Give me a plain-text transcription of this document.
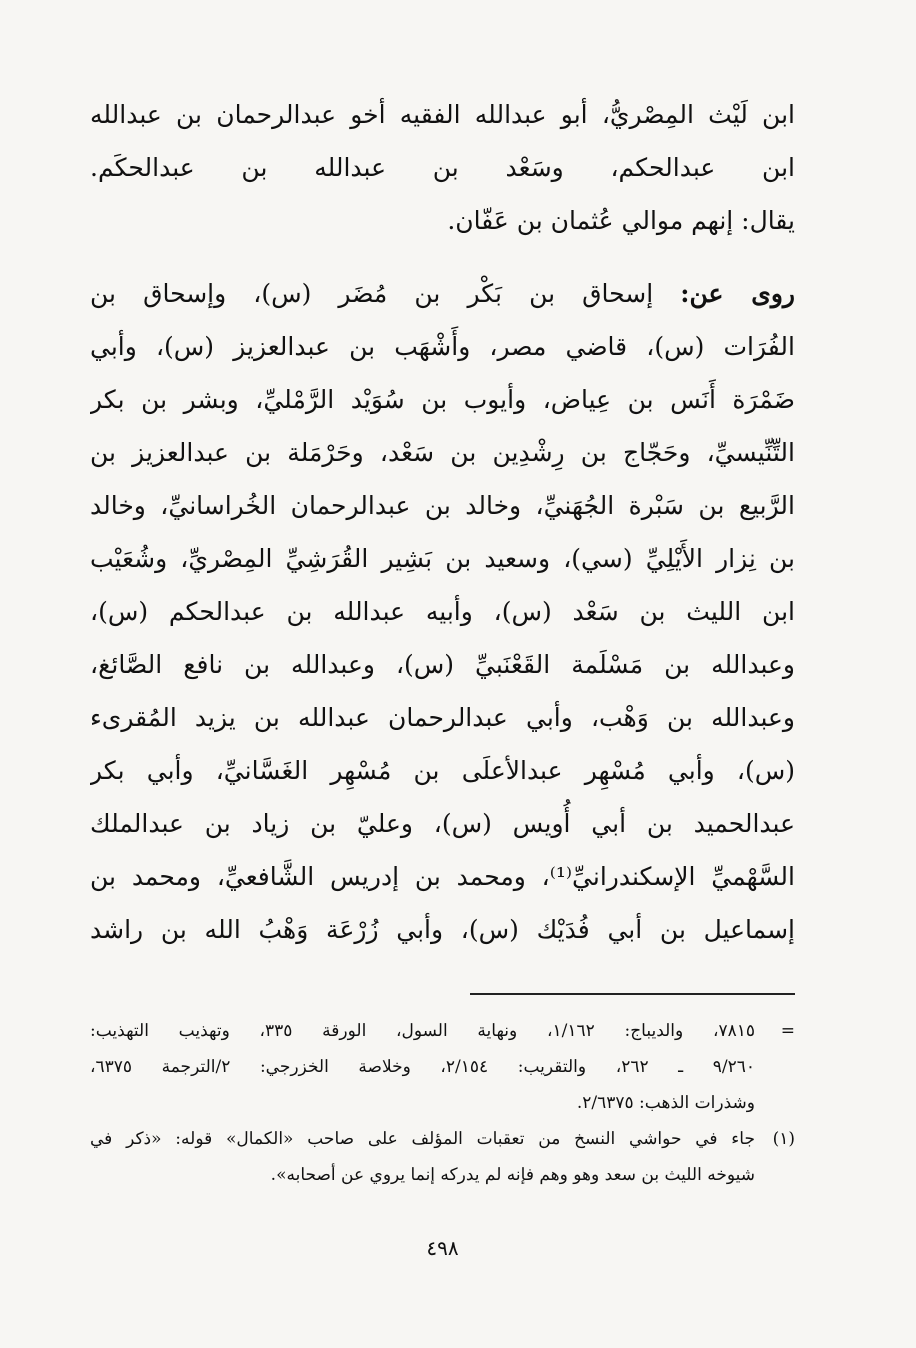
ابن لَيْث المِصْريُّ، أبو عبدالله الفقيه أخو عبدالرحمان بن عبدالله
ابن عبدالحكم، وسَعْد بن عبدالله بن عبدالحكَم.
يقال: إنهم موالي عُثمان بن عَفّان.

روى عن: إسحاق بن بَكْر بن مُضَر (س)، وإسحاق بن
الفُرَات (س)، قاضي مصر، وأَشْهَب بن عبدالعزيز (س)، وأبي
ضَمْرَة أَنَس بن عِياض، وأيوب بن سُوَيْد الرَّمْليِّ، وبشر بن بكر
التِّنِّيسيِّ، وحَجّاج بن رِشْدِين بن سَعْد، وحَرْمَلة بن عبدالعزيز بن
الرَّبيع بن سَبْرة الجُهَنيِّ، وخالد بن عبدالرحمان الخُراسانيِّ، وخالد
بن نِزار الأَيْلِيِّ (سي)، وسعيد بن بَشِير القُرَشِيِّ المِصْريِّ، وشُعَيْب
ابن الليث بن سَعْد (س)، وأبيه عبدالله بن عبدالحكم (س)،
وعبدالله بن مَسْلَمة القَعْنَبيِّ (س)، وعبدالله بن نافع الصَّائغ،
وعبدالله بن وَهْب، وأبي عبدالرحمان عبدالله بن يزيد المُقرىء
(س)، وأبي مُسْهِر عبدالأعلَى بن مُسْهِر الغَسَّانيِّ، وأبي بكر
عبدالحميد بن أبي أُويس (س)، وعليّ بن زياد بن عبدالملك
السَّهْميِّ الإسكندرانيِّ⁽¹⁾، ومحمد بن إدريس الشَّافعيِّ، ومحمد بن
إسماعيل بن أبي فُدَيْك (س)، وأبي زُرْعَة وَهْبُ الله بن راشد

=
٧٨١٥، والديباج: ١/١٦٢، ونهاية السول، الورقة ٣٣٥، وتهذيب التهذيب:
٩/٢٦٠ ـ ٢٦٢، والتقريب: ٢/١٥٤، وخلاصة الخزرجي: ٢/الترجمة ٦٣٧٥،
وشذرات الذهب: ٢/٦٣٧٥.
(١)
جاء في حواشي النسخ من تعقبات المؤلف على صاحب «الكمال» قوله: «ذكر في
شيوخه الليث بن سعد وهو وهم فإنه لم يدركه إنما يروي عن أصحابه».
٤٩٨
